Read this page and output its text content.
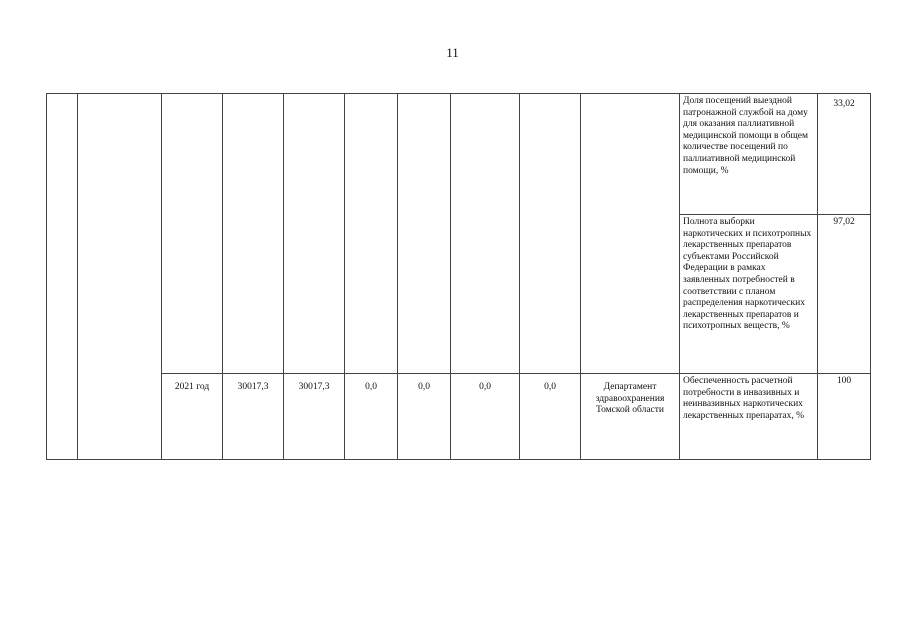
11
										Доля посещений выездной патронажной службой на дому для оказания паллиативной медицинской помощи в общем количестве посещений по паллиативной медицинской помощи, %	33,02
										Полнота выборки наркотических и психотропных лекарственных препаратов субъектами Российской Федерации в рамках заявленных потребностей в соответствии с планом распределения наркотических лекарственных препаратов и психотропных веществ, %	97,02
		2021 год	30017,3	30017,3	0,0	0,0	0,0	0,0	Департамент здравоохранения Томской области	Обеспеченность расчетной потребности в инвазивных и неинвазивных наркотических лекарственных препаратах, %	100
